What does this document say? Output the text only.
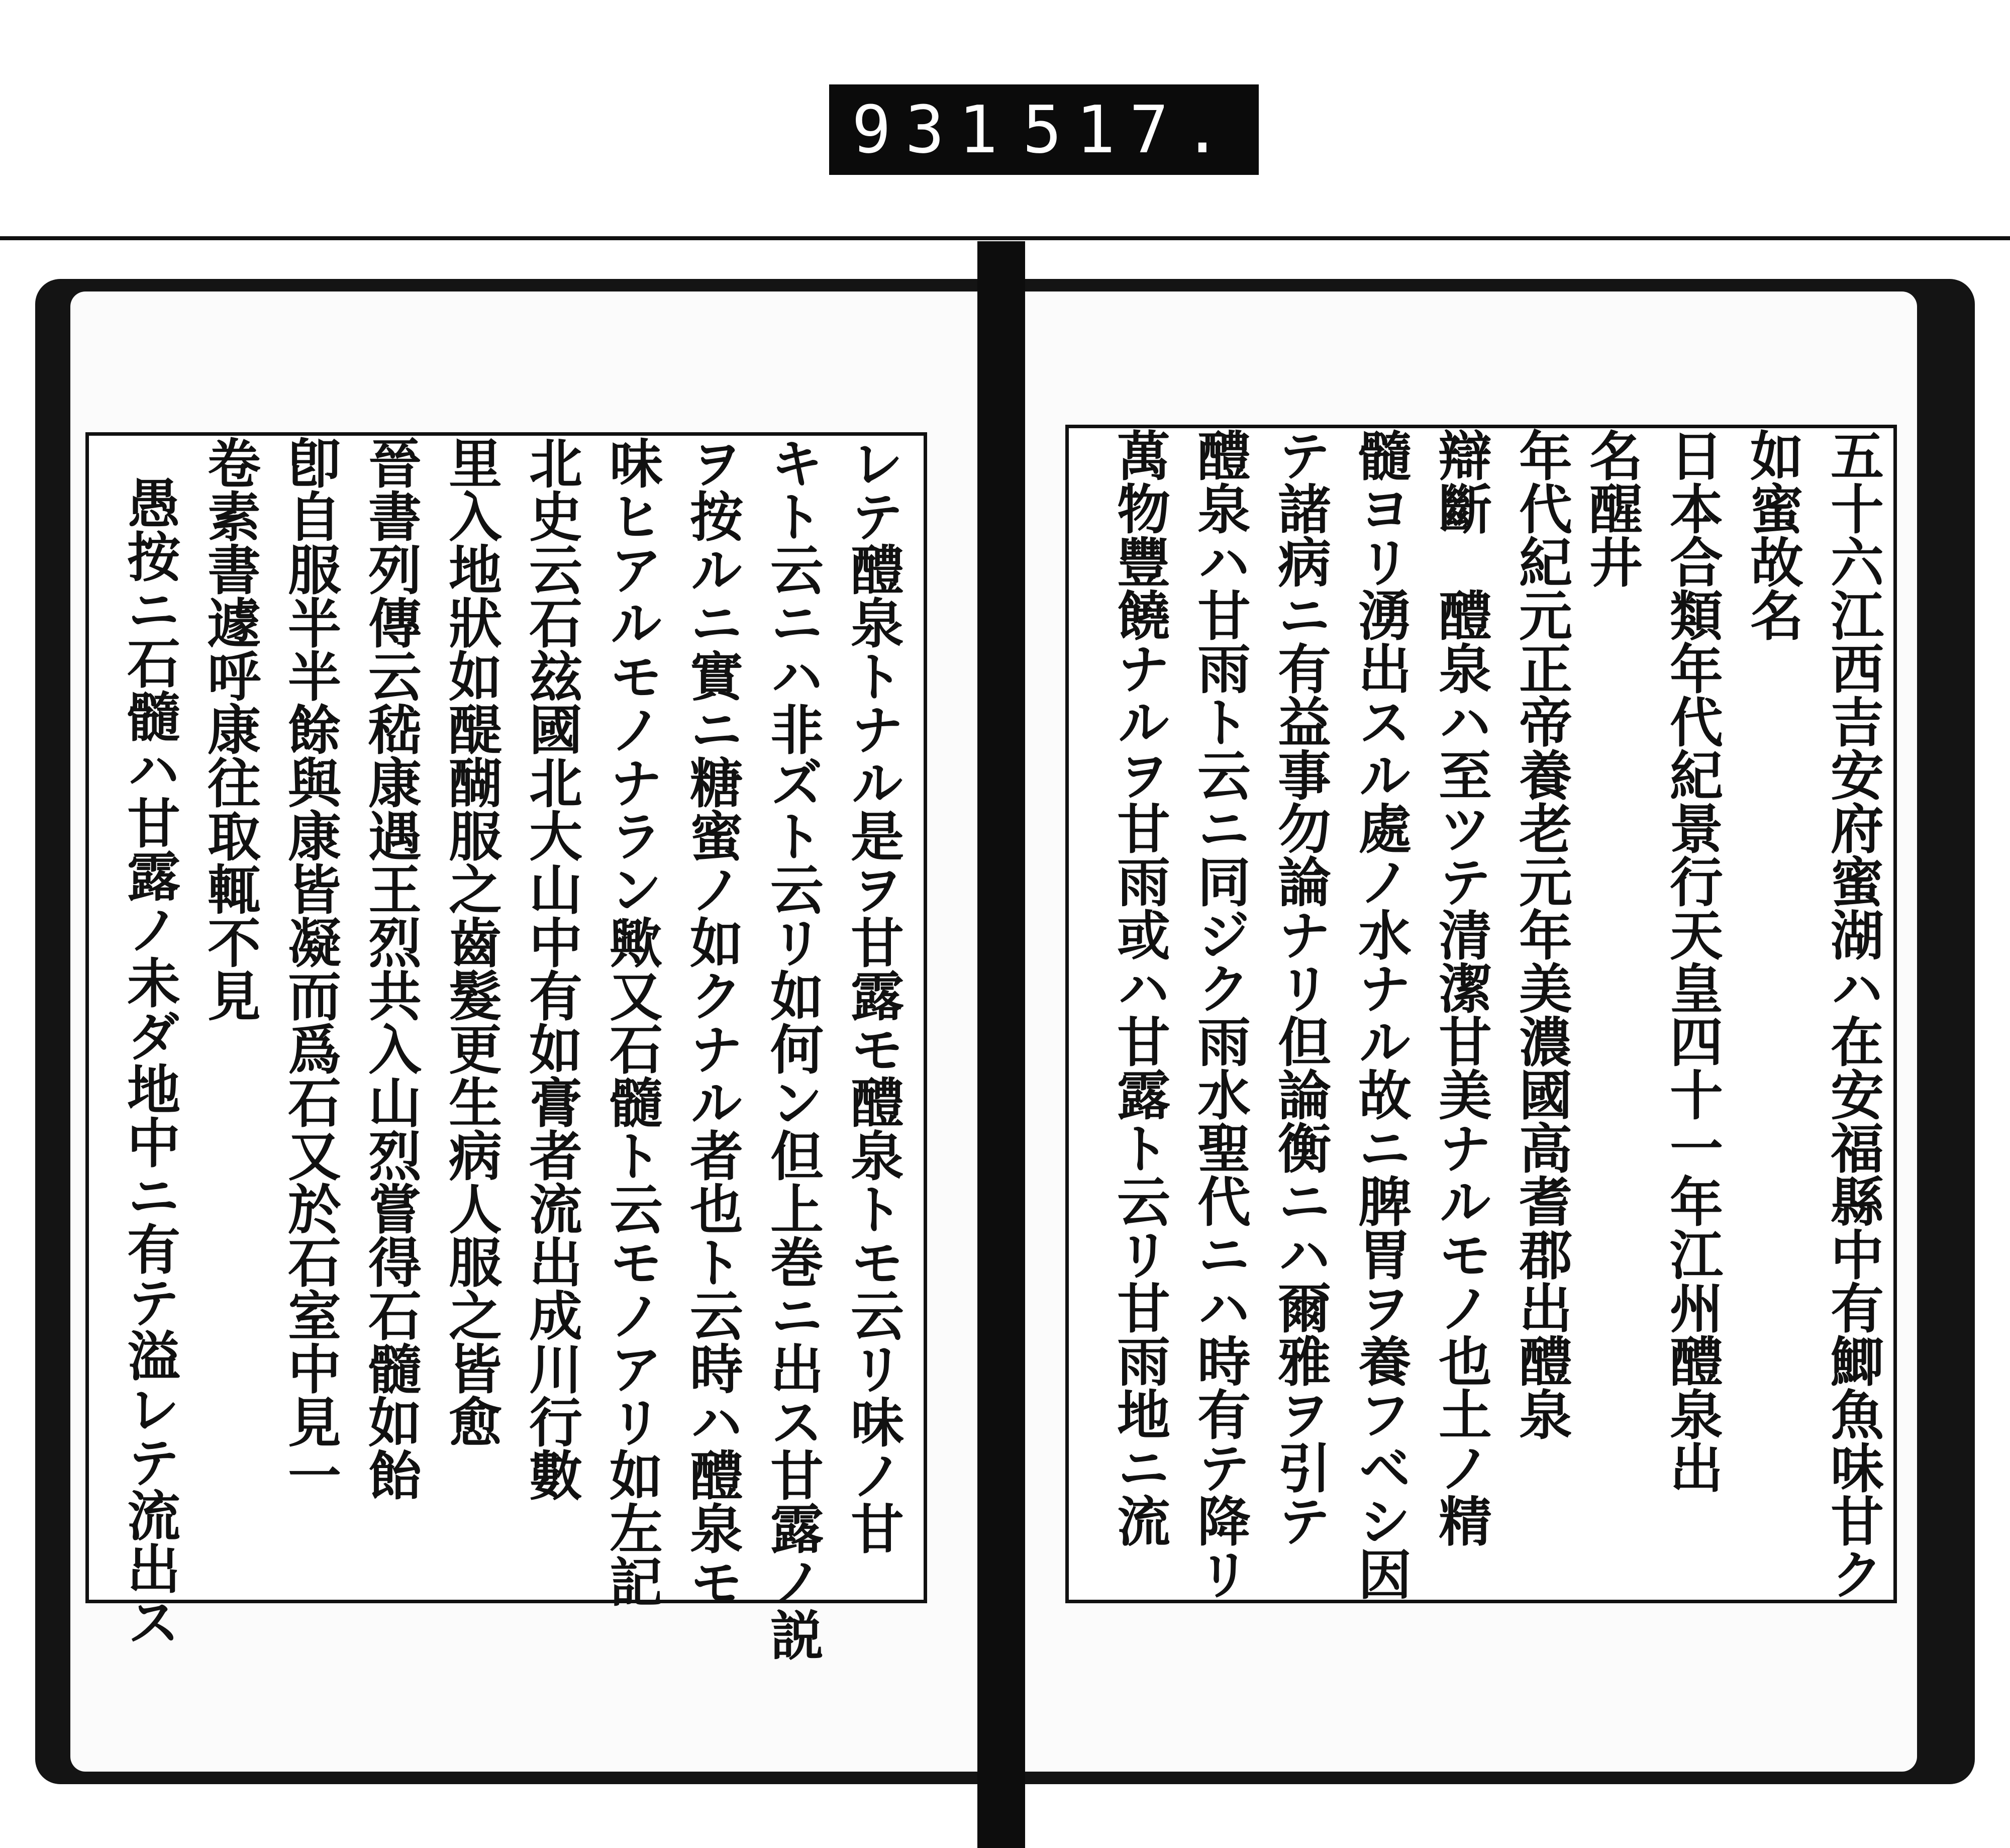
931 517.
レテ醴泉トナル是ヲ甘露モ醴泉トモ云リ味ノ甘
キト云ニハ非ズト云リ如何ン但上巻ニ出ス甘露ノ説
ヲ按ルニ實ニ糖蜜ノ如クナル者也ト云時ハ醴泉モ
味ヒアルモノナラン歟又石髓ト云モノアリ如左記
北史云石玆國北大山中有如膏者流出成川行數
里入地狀如醍醐服之齒髮更生病人服之皆愈
晉書列傳云嵇康遇王烈共入山烈嘗得石髓如飴
卽自服半半餘與康皆凝而爲石又於石室中見一
卷素書遽呼康往取輒不見
愚按ニ石髓ハ甘露ノ未ダ地中ニ有テ溢レテ流出ス	五十六江西吉安府蜜湖ハ在安福縣中有鯽魚味甘ク
如蜜故名
日本合類年代紀景行天皇四十一年江州醴泉出
名醒井
年代紀元正帝養老元年美濃國高耆郡出醴泉
辯斷　醴泉ハ至ツテ清潔甘美ナルモノ也土ノ精
髓ヨリ湧出スル處ノ水ナル故ニ脾胃ヲ養フベシ因
テ諸病ニ有益事勿論ナリ但論衡ニハ爾雅ヲ引テ
醴泉ハ甘雨ト云ニ同ジク雨水聖代ニハ時有テ降リ
萬物豐饒ナルヲ甘雨或ハ甘露ト云リ甘雨地ニ流
